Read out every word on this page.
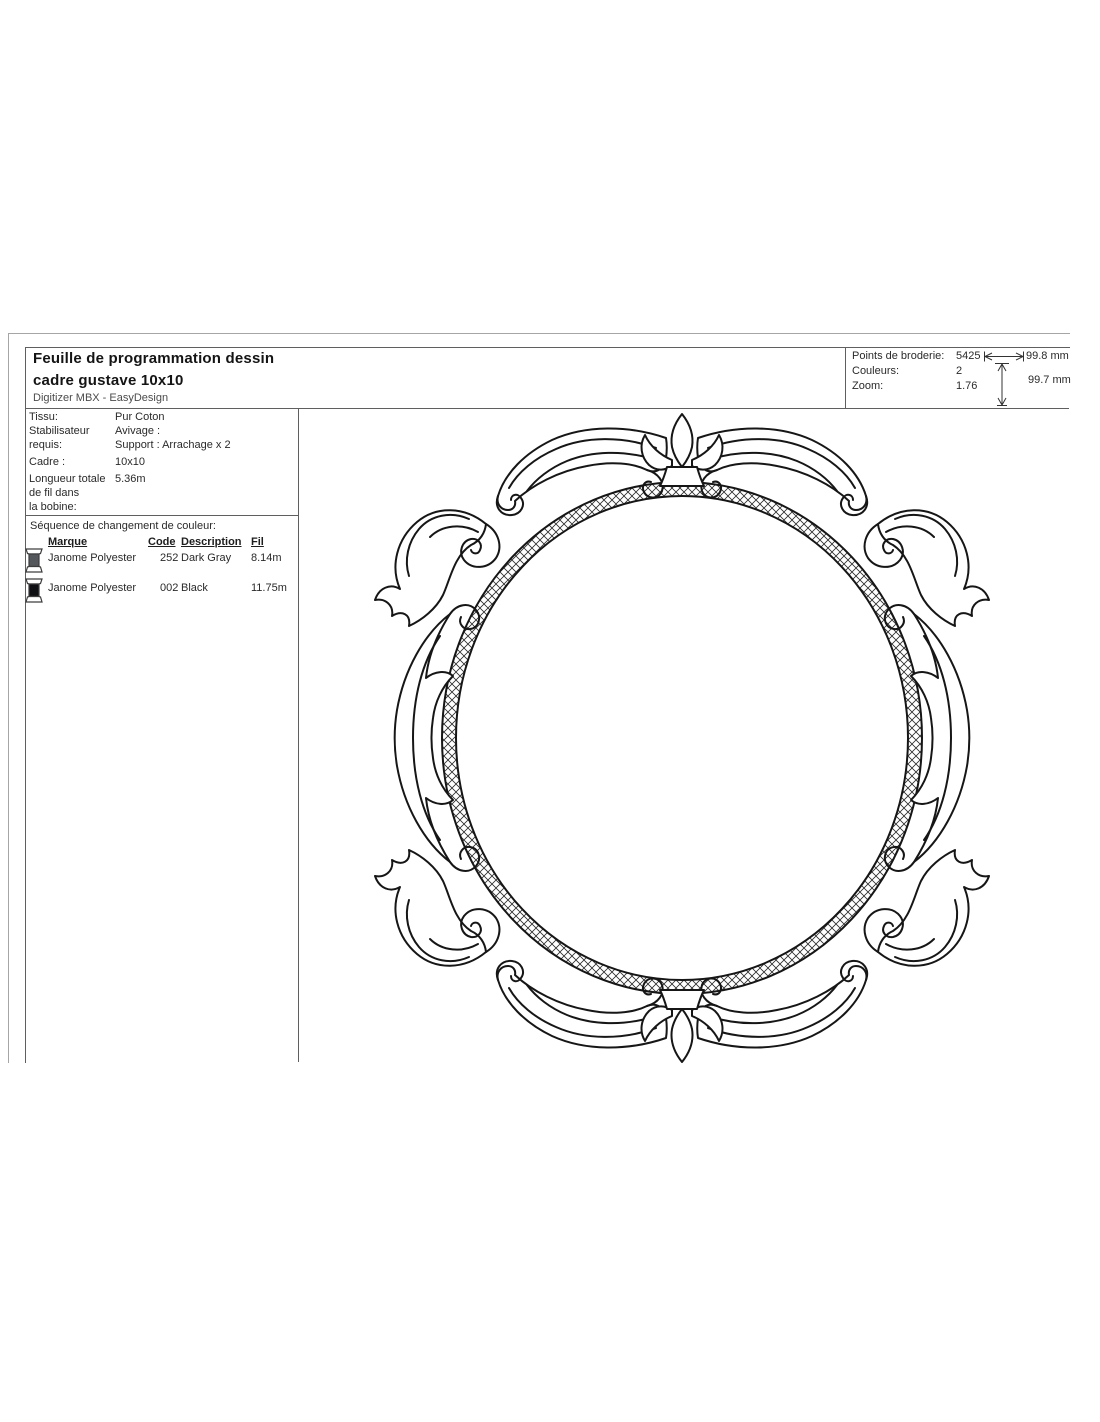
Feuille de programmation dessin
cadre gustave 10x10
Digitizer MBX - EasyDesign
Points de broderie: 5425
Couleurs:	2
Zoom:	1.76
99.8 mm
99.7 mm
Tissu:	Pur Coton
Stabilisateur
requis:
Avivage :
Support : Arrachage x 2
Cadre :	10x10
Longueur totale
de fil dans
la bobine:
5.36m
Séquence de changement de couleur:
Marque	Code Description Fil
Janome Polyester 252 Dark Gray 8.14m
Janome Polyester 002 Black	11.75m
